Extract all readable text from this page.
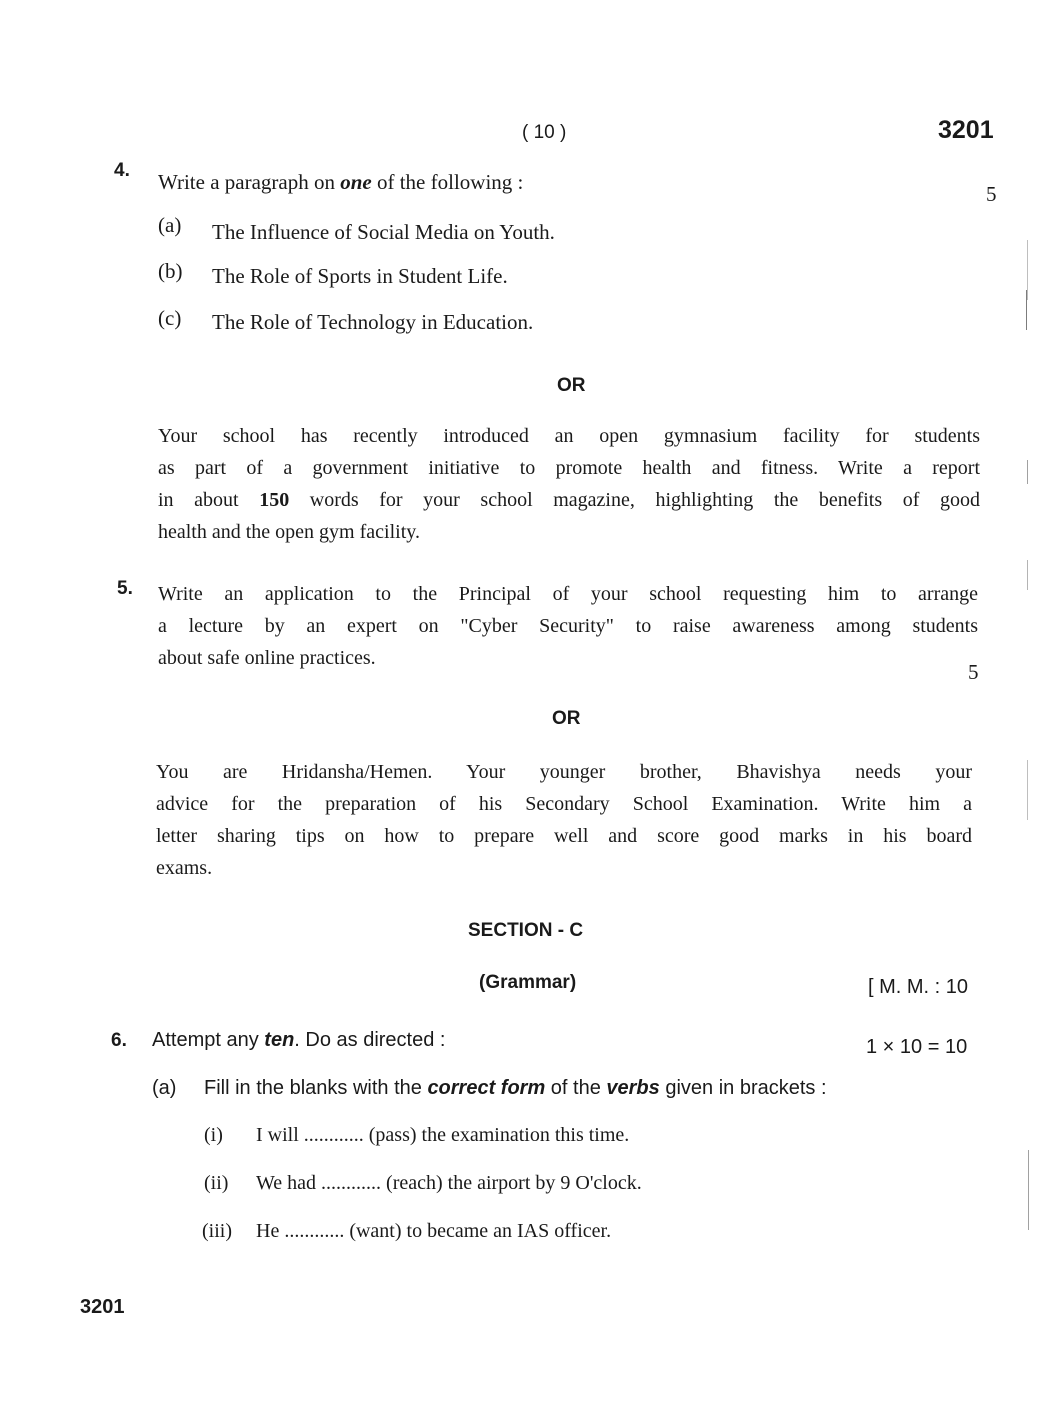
( 10 )	3201
4. Write a paragraph on one of the following :	5
(a) The Influence of Social Media on Youth.
(b) The Role of Sports in Student Life.
(c) The Role of Technology in Education.
OR
Your school has recently introduced an open gymnasium facility for students
as part of a government initiative to promote health and fitness. Write a report
in about 150 words for your school magazine, highlighting the benefits of good
health and the open gym facility.
5. Write an application to the Principal of your school requesting him to arrange
a lecture by an expert on "Cyber Security" to raise awareness among students
about safe online practices.
5
OR
You are Hridansha/Hemen. Your younger brother, Bhavishya needs your
advice for the preparation of his Secondary School Examination. Write him a
letter sharing tips on how to prepare well and score good marks in his board
exams.
SECTION - C
(Grammar)	[ M. M. : 10
6. Attempt any ten. Do as directed :	1 × 10 = 10
(a) Fill in the blanks with the correct form of the verbs given in brackets :
(i) I will ............ (pass) the examination this time.
(ii) We had ............ (reach) the airport by 9 O'clock.
(iii) He ............ (want) to became an IAS officer.
3201
